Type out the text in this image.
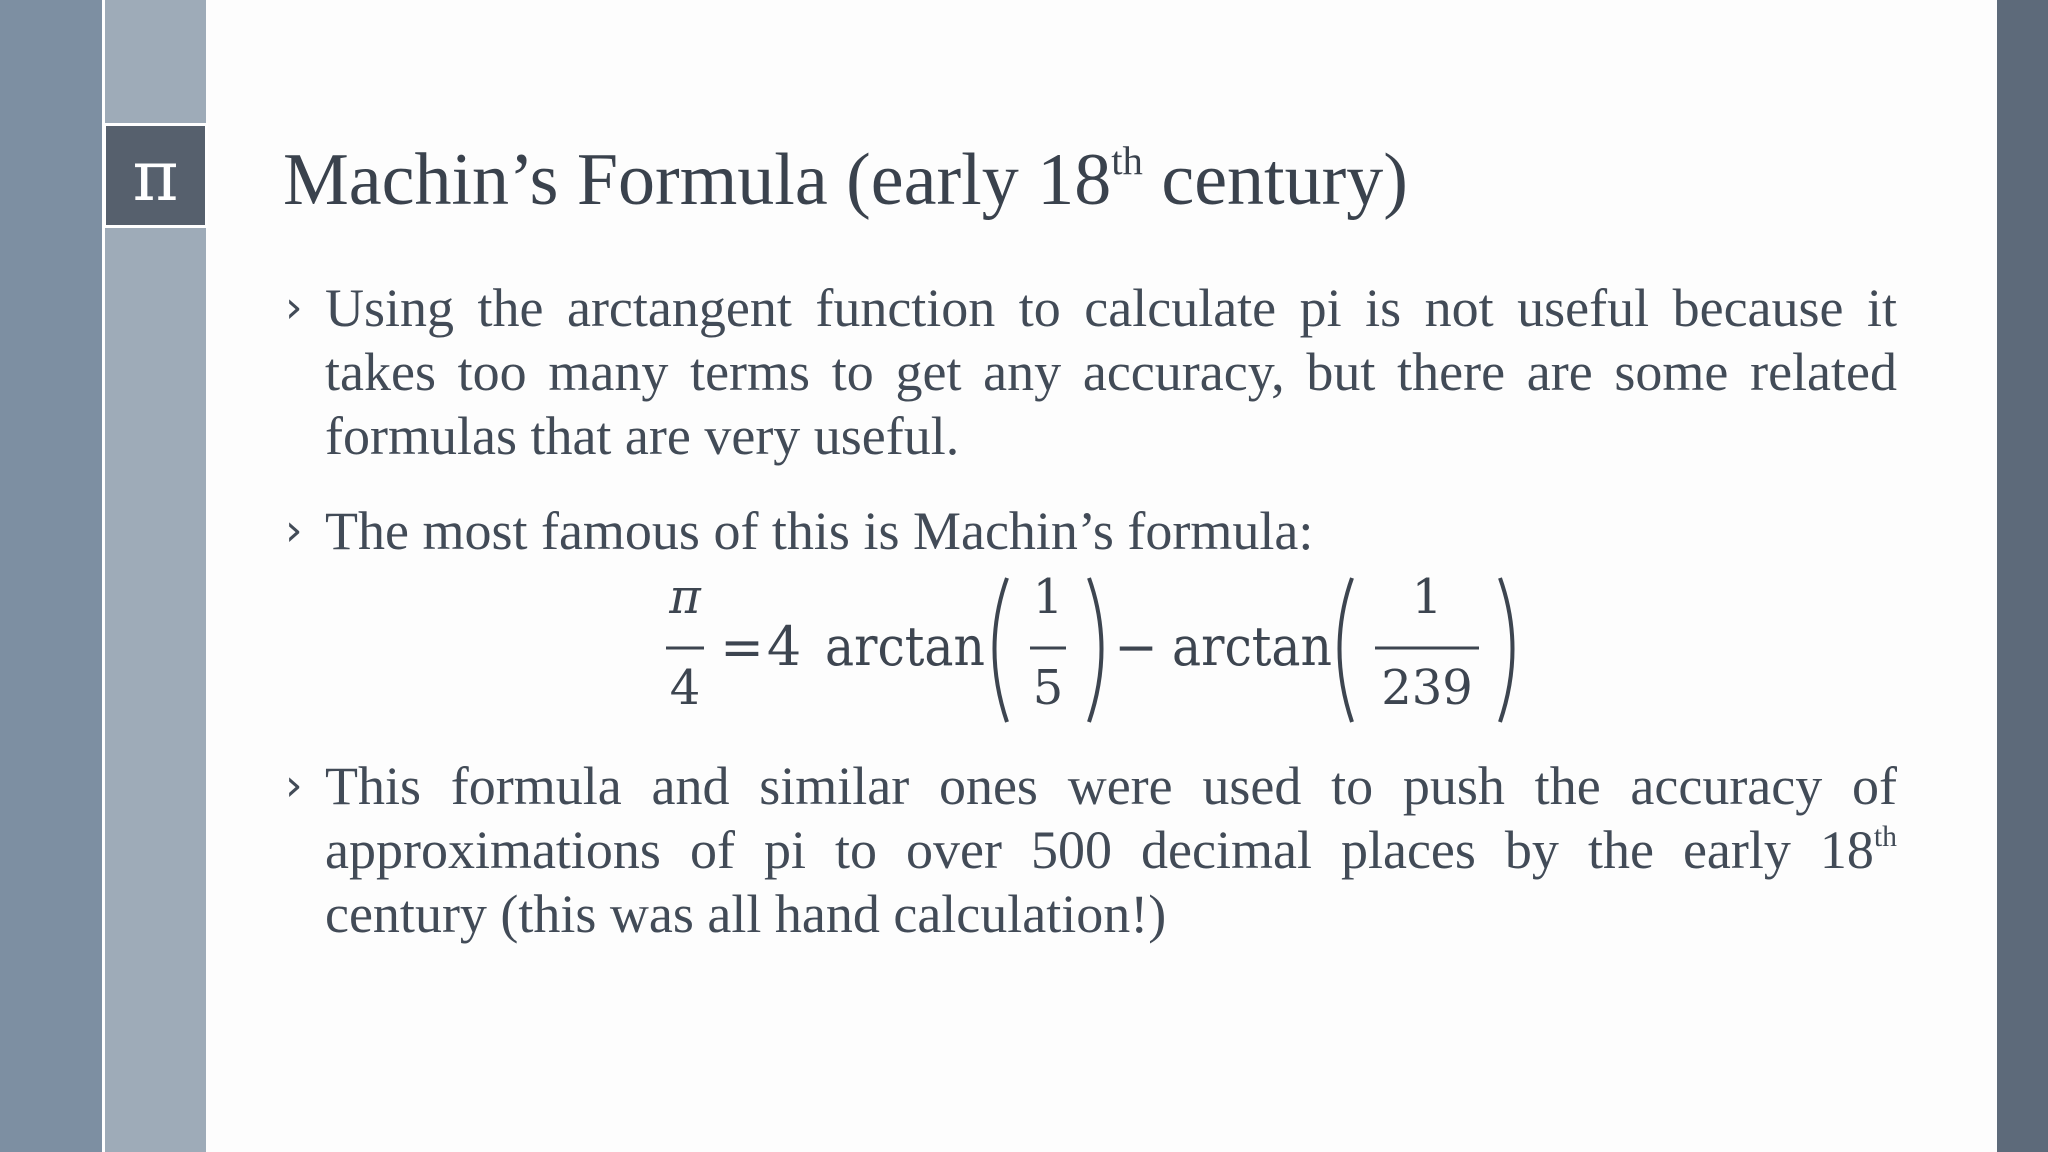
π Machin’s Formula (early 18th century)
› Using the arctangent function to calculate pi is not useful because it takes too many terms to get any accuracy, but there are some related formulas that are very useful.
› The most famous of this is Machin’s formula:
π
4
= 4 arctan
1
5
− arctan
1
239
› This formula and similar ones were used to push the accuracy of approximations of pi to over 500 decimal places by the early 18th century (this was all hand calculation!)
